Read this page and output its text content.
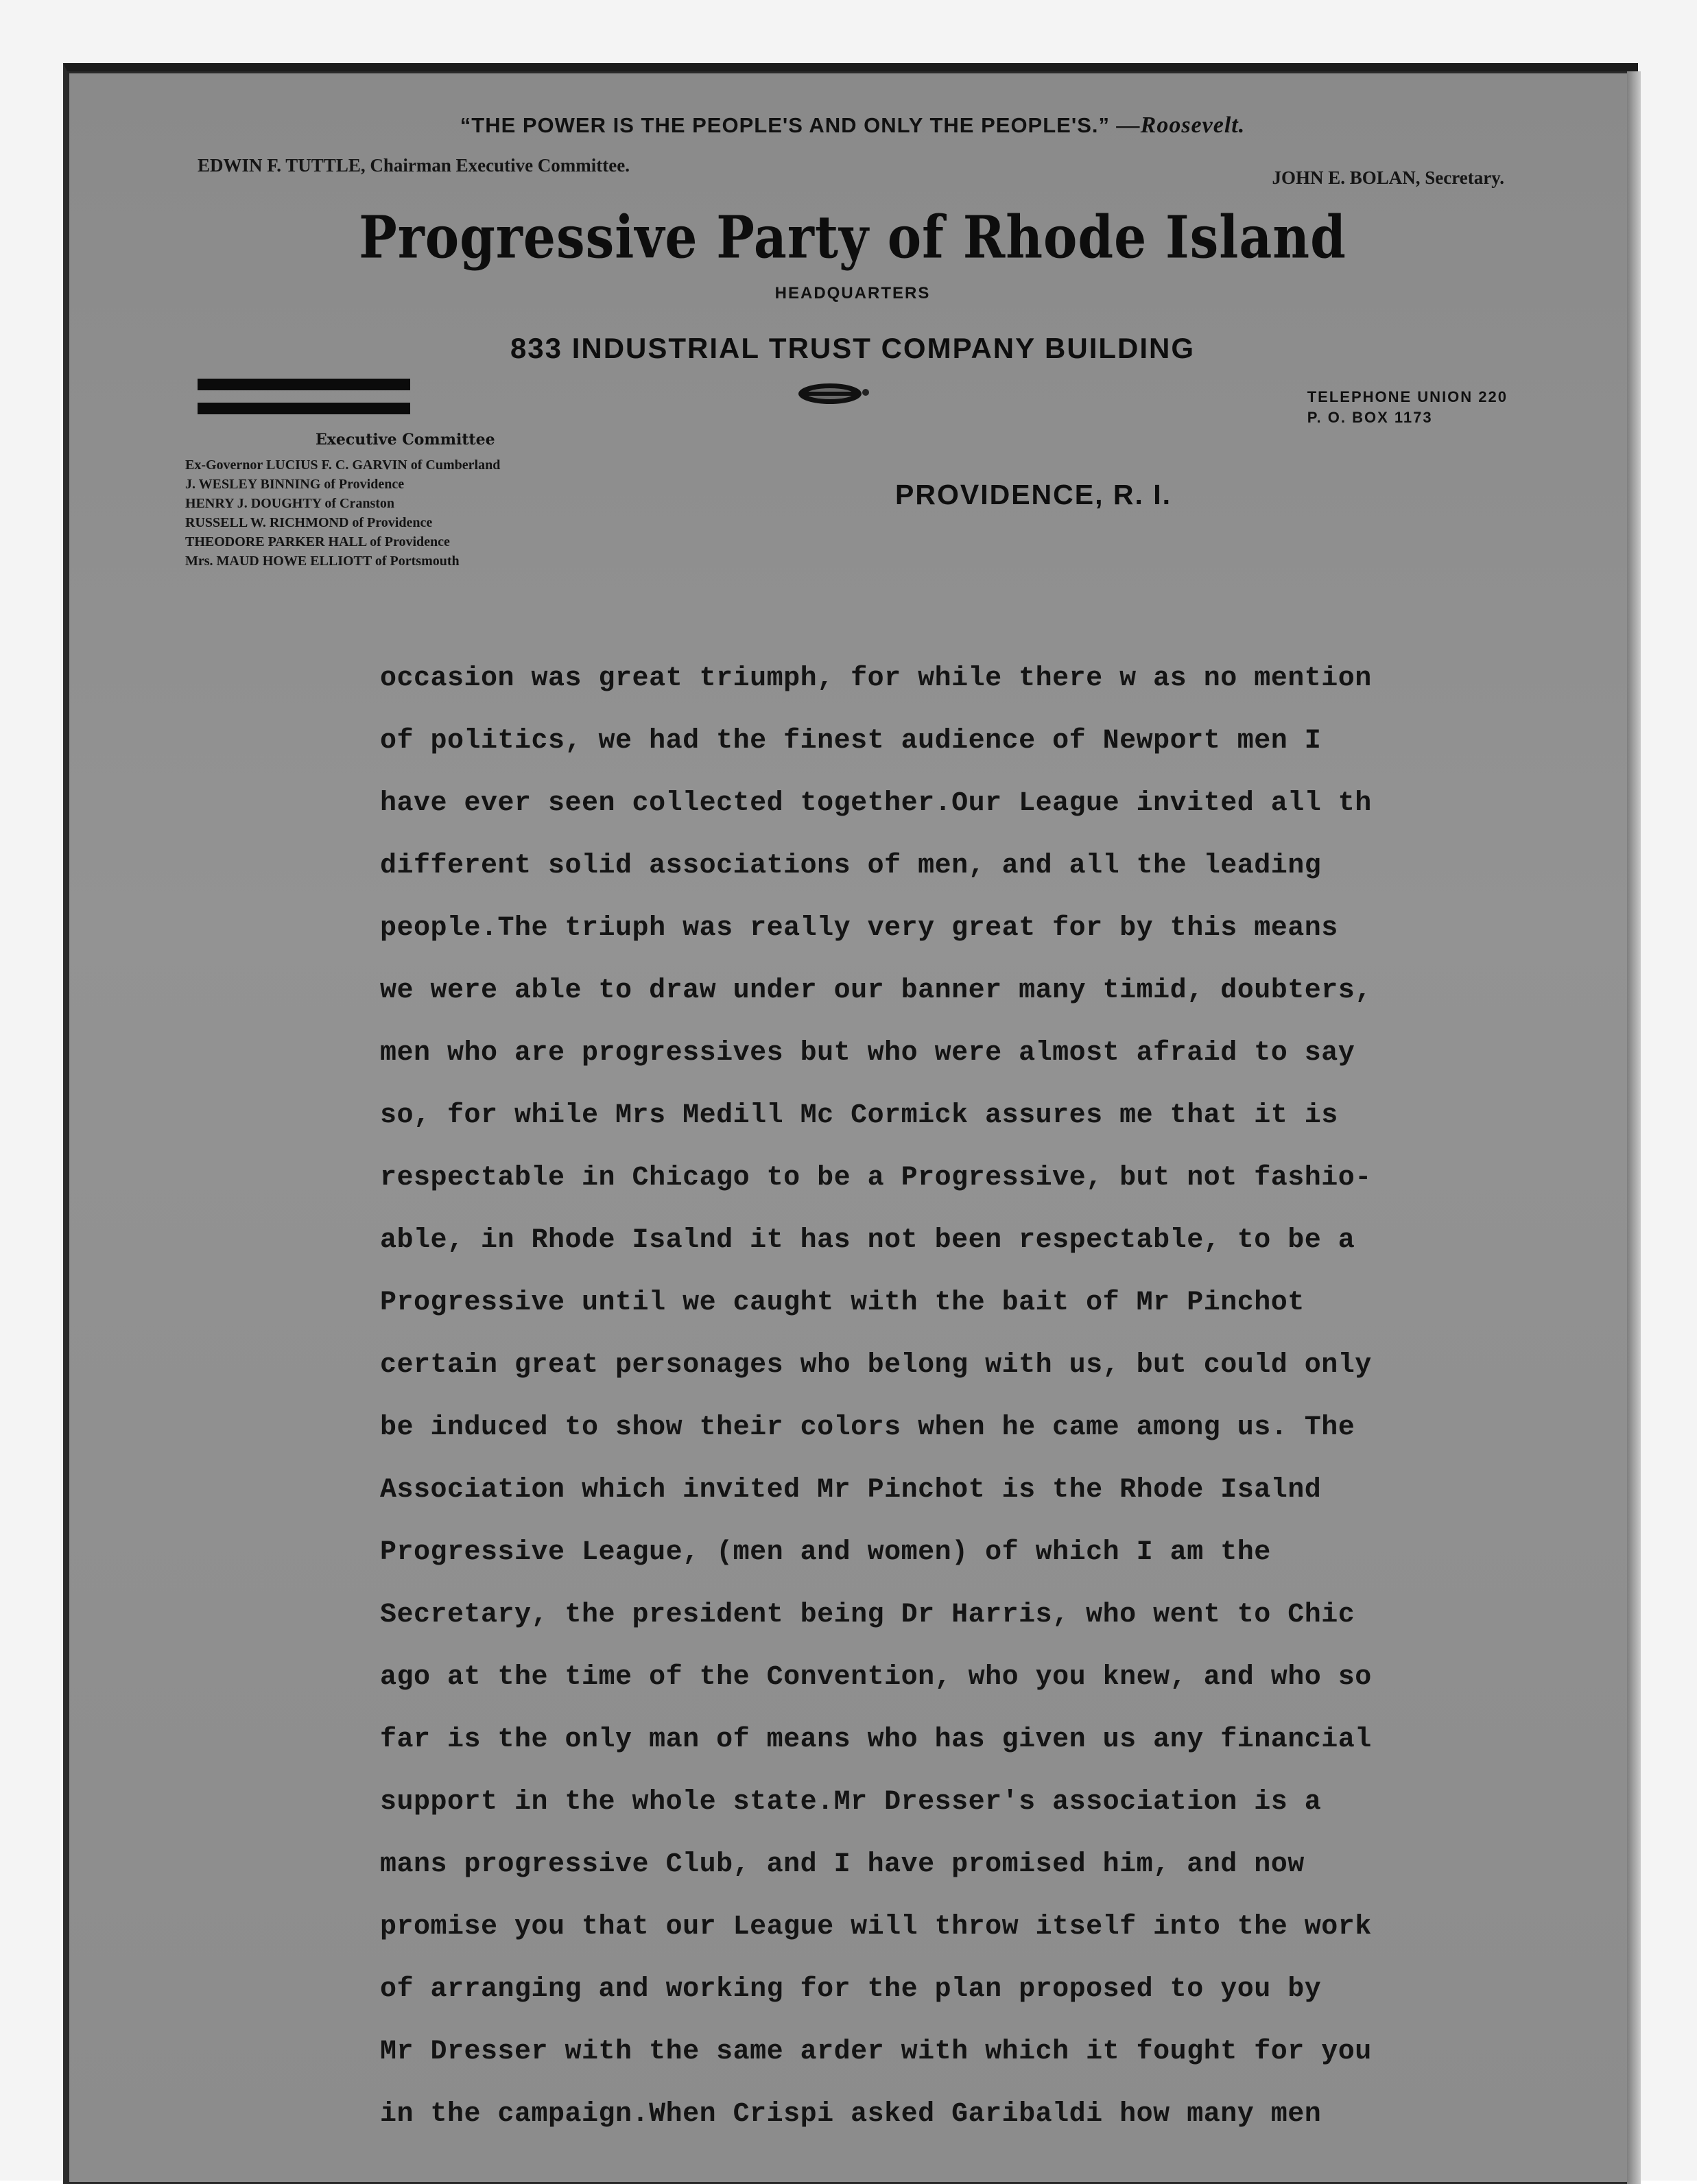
“THE POWER IS THE PEOPLE'S AND ONLY THE PEOPLE'S.” —Roosevelt.
EDWIN F. TUTTLE, Chairman Executive Committee.
JOHN E. BOLAN, Secretary.
Progressive Party of Rhode Island
HEADQUARTERS
833 INDUSTRIAL TRUST COMPANY BUILDING
TELEPHONE UNION 220
P. O. BOX 1173
Executive Committee
Ex-Governor LUCIUS F. C. GARVIN of Cumberland
J. WESLEY BINNING of Providence
HENRY J. DOUGHTY of Cranston
RUSSELL W. RICHMOND of Providence
THEODORE PARKER HALL of Providence
Mrs. MAUD HOWE ELLIOTT of Portsmouth
PROVIDENCE, R. I.
occasion was great triumph, for while there w as no mention
of politics, we had the finest audience of Newport men I
have ever seen collected together.Our League invited all th
different solid associations of men, and all the leading
people.The triuph was really very great for by this means
we were able to draw under our banner many timid, doubters,
men who are progressives but who were almost afraid to say
so, for while Mrs Medill Mc Cormick assures me that it is
respectable in Chicago to be a Progressive, but not fashio-
able, in Rhode Isalnd it has not been respectable, to be a
Progressive until we caught with the bait of Mr Pinchot
certain great personages who belong with us, but could only
be induced to show their colors when he came among us. The
Association which invited Mr Pinchot is the Rhode Isalnd
Progressive League, (men and women) of which I am the
Secretary, the president being Dr Harris, who went to Chic
ago at the time of the Convention, who you knew, and who so
far is the only man of means who has given us any financial
support in the whole state.Mr Dresser's association is a
mans progressive Club, and I have promised him, and now
promise you that our League will throw itself into the work
of arranging and working for the plan proposed to you by
Mr Dresser with the same arder with which it fought for you
in the campaign.When Crispi asked Garibaldi how many men
